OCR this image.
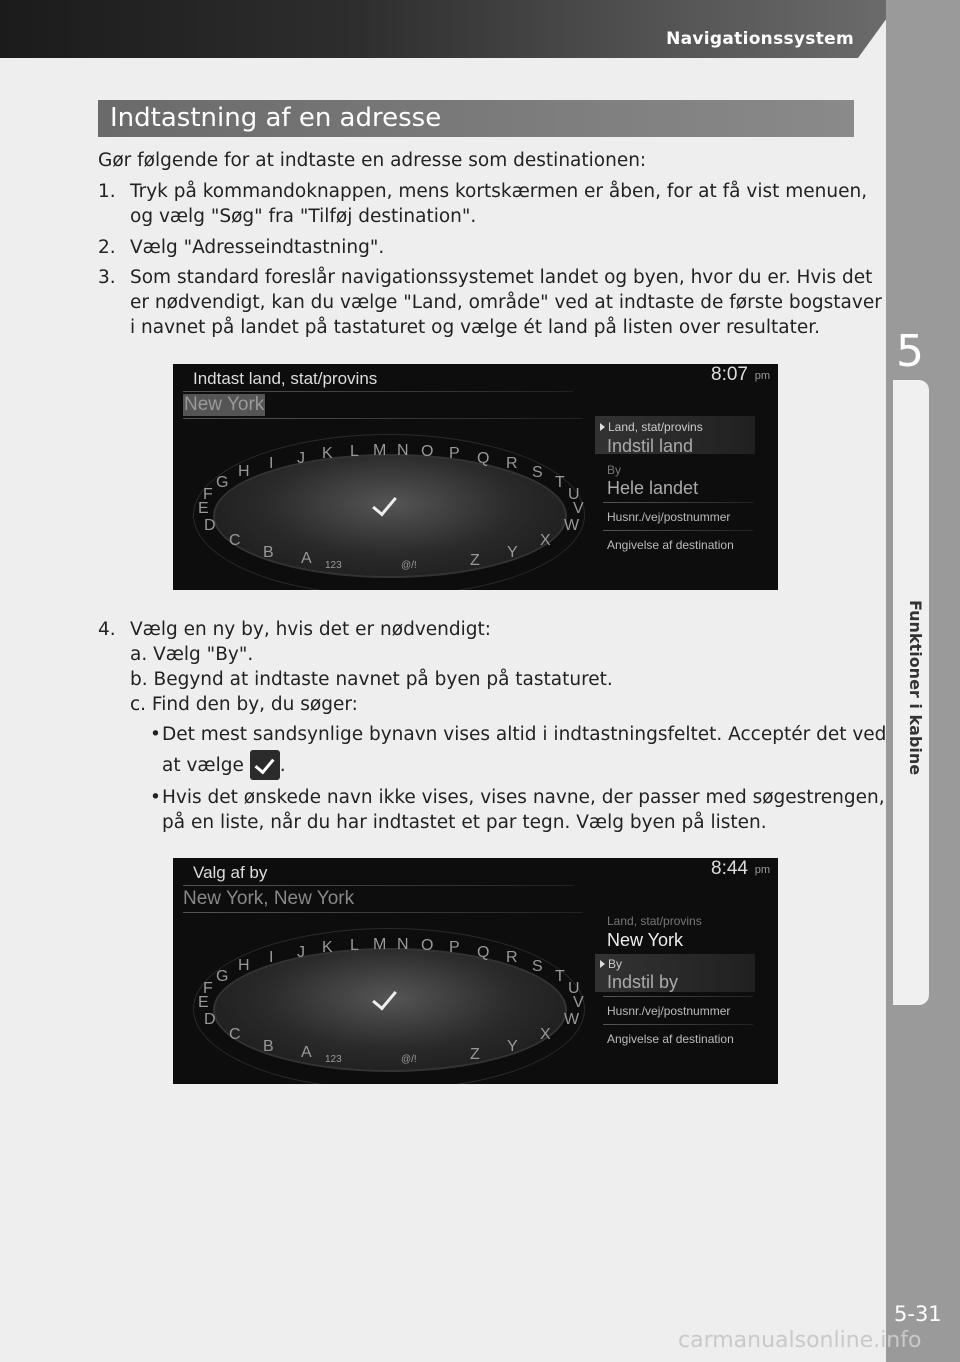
Navigationssystem
5
Funktioner i kabine
5-31
carmanualsonline.info
Indtastning af en adresse
Gør følgende for at indtaste en adresse som destinationen:
1. Tryk på kommandoknappen, mens kortskærmen er åben, for at få vist menuen,
og vælg "Søg" fra "Tilføj destination".
2. Vælg "Adresseindtastning".
3. Som standard foreslår navigationssystemet landet og byen, hvor du er. Hvis det
er nødvendigt, kan du vælge "Land, område" ved at indtaste de første bogstaver
i navnet på landet på tastaturet og vælge ét land på listen over resultater.
Indtast land, stat/provins	8:07 pm
New York
A
B
C
D
E
F
G
H I J K L M N O P Q R
S
T
U
V
W
X
Y
Z
123	@/!
Land, stat/provins
Indstil land
By
Hele landet
Husnr./vej/postnummer
Angivelse af destination
4. Vælg en ny by, hvis det er nødvendigt:
a. Vælg "By".
b. Begynd at indtaste navnet på byen på tastaturet.
c. Find den by, du søger:
• Det mest sandsynlige bynavn vises altid i indtastningsfeltet. Acceptér det ved
at vælge .
• Hvis det ønskede navn ikke vises, vises navne, der passer med søgestrengen,
på en liste, når du har indtastet et par tegn. Vælg byen på listen.
Valg af by	8:44 pm
New York, New York
A
B
C
D
E
F
G
H I J K L M N O P Q R
S
T
U
V
W
X
Y
Z
123	@/!
Land, stat/provins
New York
By
Indstil by
Husnr./vej/postnummer
Angivelse af destination
